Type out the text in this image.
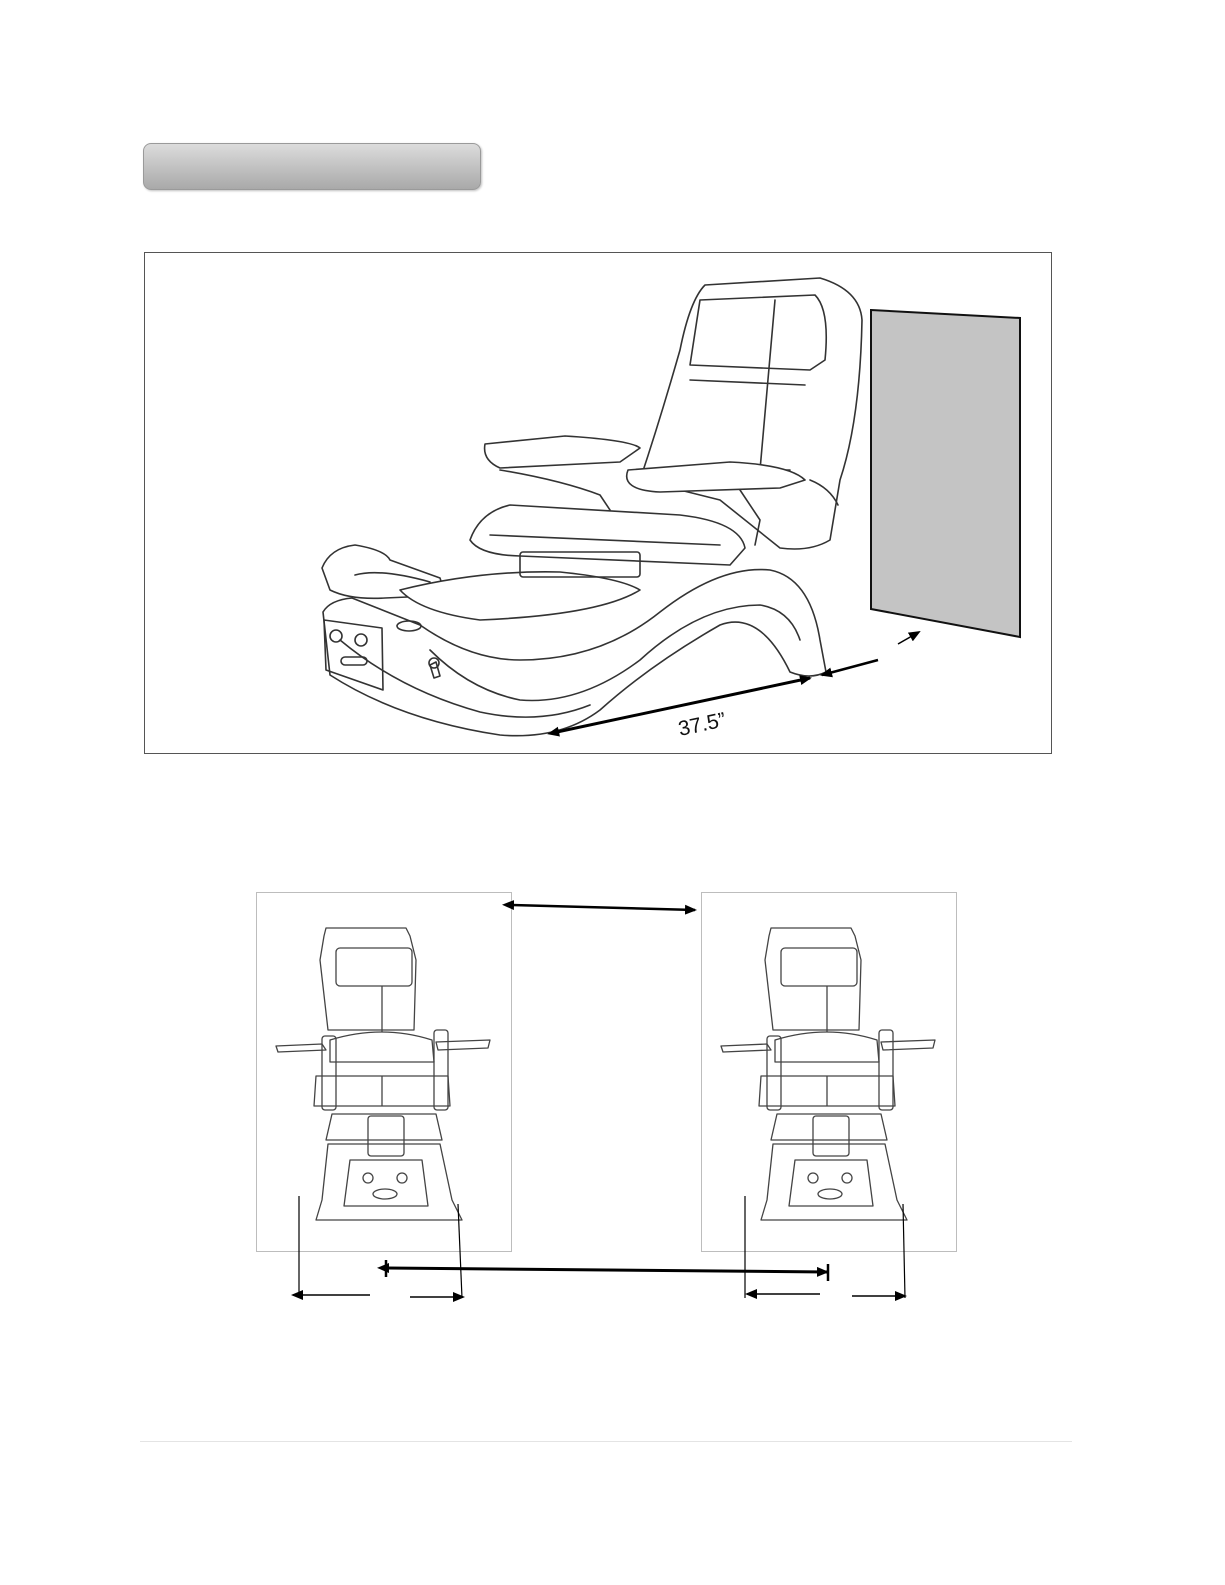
37.5”
